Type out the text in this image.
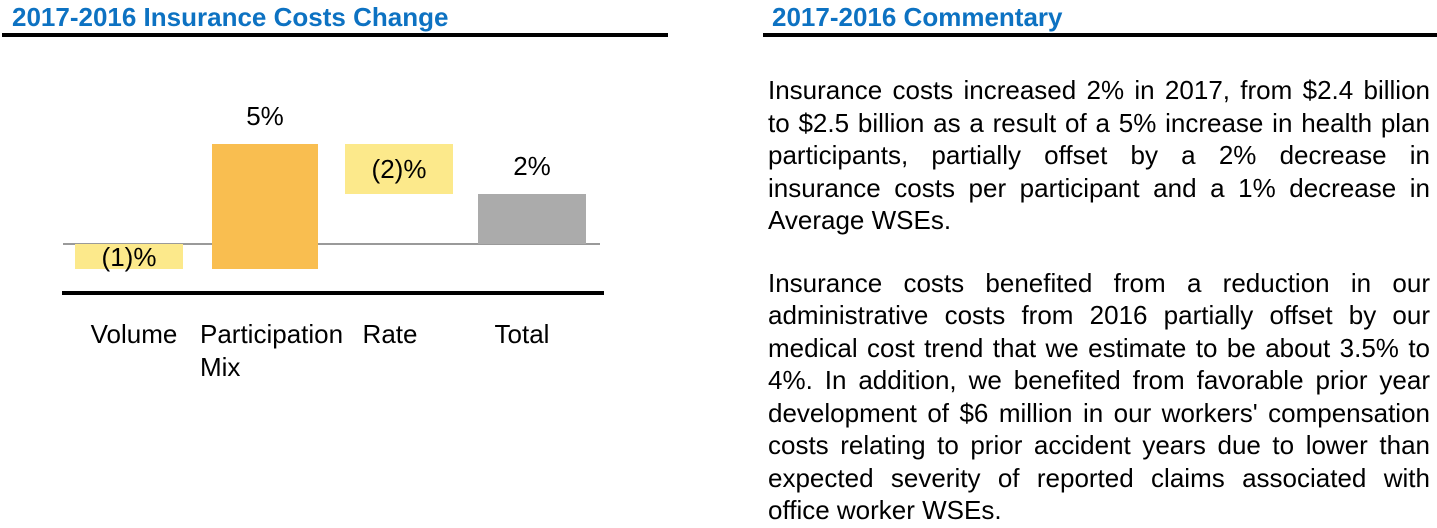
2017-2016 Insurance Costs Change
(1)%
Volume
5%
Participation Mix
(2)%
Rate
2%
Total
2017-2016 Commentary

Insurance costs increased 2% in 2017, from $2.4 billion to $2.5 billion as a result of a 5% increase in health plan participants, partially offset by a 2% decrease in insurance costs per participant and a 1% decrease in Average WSEs.

Insurance costs benefited from a reduction in our administrative costs from 2016 partially offset by our medical cost trend that we estimate to be about 3.5% to 4%. In addition, we benefited from favorable prior year development of $6 million in our workers' compensation costs relating to prior accident years due to lower than expected severity of reported claims associated with office worker WSEs.
